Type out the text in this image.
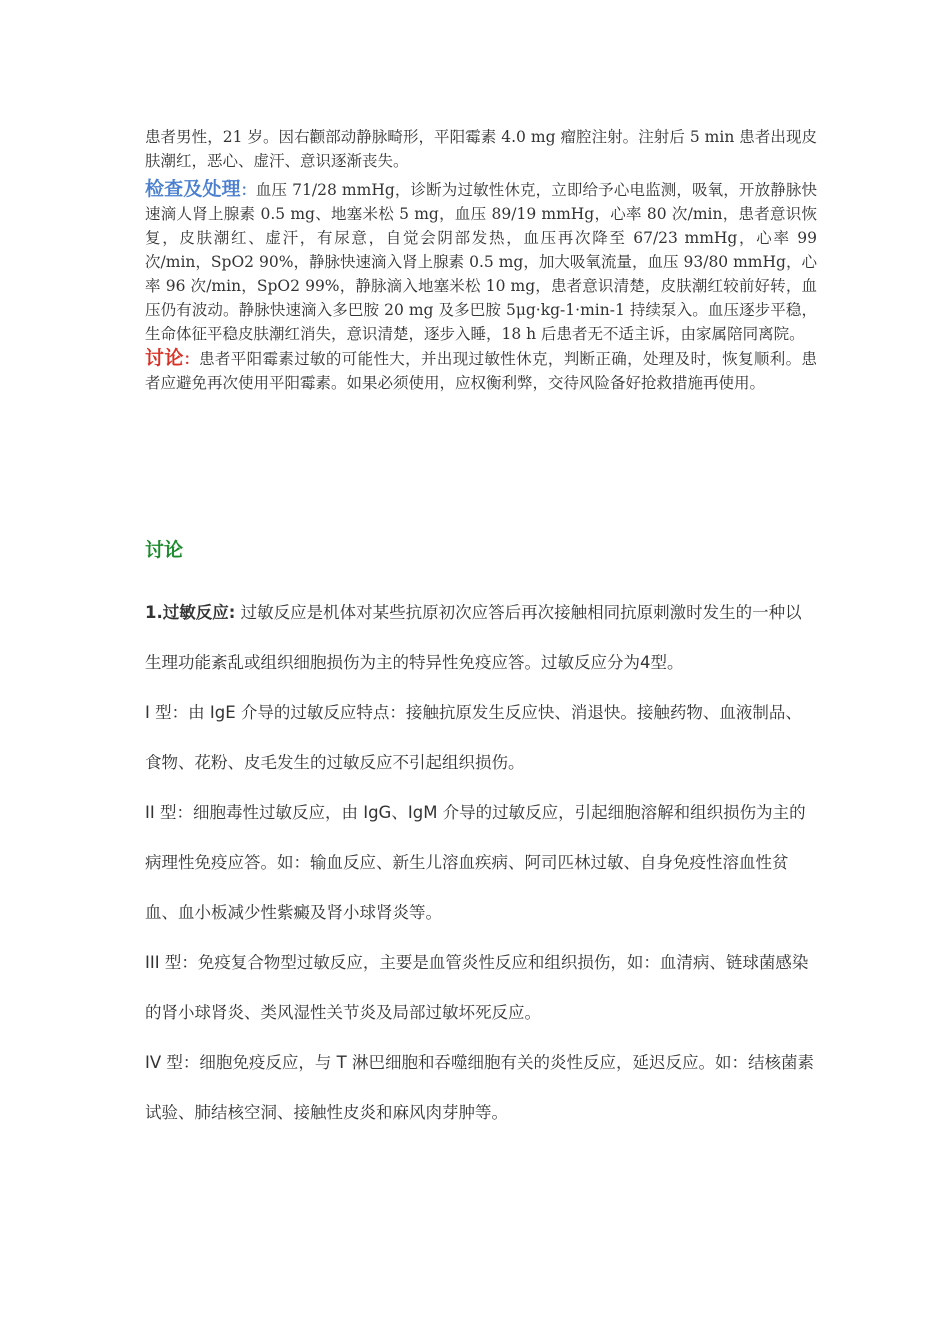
患者男性，21 岁。因右颧部动静脉畸形，平阳霉素 4.0 mg 瘤腔注射。注射后 5 min 患者出现皮肤潮红，恶心、虚汗、意识逐渐丧失。

检查及处理：血压 71/28 mmHg，诊断为过敏性休克，立即给予心电监测，吸氧，开放静脉快速滴人肾上腺素 0.5 mg、地塞米松 5 mg，血压 89/19 mmHg，心率 80 次/min，患者意识恢复，皮肤潮红、虚汗，有尿意，自觉会阴部发热，血压再次降至 67/23 mmHg，心率 99 次/min，SpO2 90%，静脉快速滴入肾上腺素 0.5 mg，加大吸氧流量，血压 93/80 mmHg，心率 96 次/min，SpO2 99%，静脉滴入地塞米松 10 mg，患者意识清楚，皮肤潮红较前好转，血压仍有波动。静脉快速滴入多巴胺 20 mg 及多巴胺 5μg·kg-1·min-1 持续泵入。血压逐步平稳，生命体征平稳皮肤潮红消失，意识清楚，逐步入睡，18 h 后患者无不适主诉，由家属陪同离院。

讨论：患者平阳霉素过敏的可能性大，并出现过敏性休克，判断正确，处理及时，恢复顺利。患者应避免再次使用平阳霉素。如果必须使用，应权衡利弊，交待风险备好抢救措施再使用。

讨论

1.过敏反应: 过敏反应是机体对某些抗原初次应答后再次接触相同抗原刺激时发生的一种以生理功能紊乱或组织细胞损伤为主的特异性免疫应答。过敏反应分为4型。

I 型：由 IgE 介导的过敏反应特点：接触抗原发生反应快、消退快。接触药物、血液制品、食物、花粉、皮毛发生的过敏反应不引起组织损伤。

II 型：细胞毒性过敏反应，由 IgG、IgM 介导的过敏反应，引起细胞溶解和组织损伤为主的病理性免疫应答。如：输血反应、新生儿溶血疾病、阿司匹林过敏、自身免疫性溶血性贫血、血小板减少性紫癜及肾小球肾炎等。

III 型：免疫复合物型过敏反应，主要是血管炎性反应和组织损伤，如：血清病、链球菌感染的肾小球肾炎、类风湿性关节炎及局部过敏坏死反应。

IV 型：细胞免疫反应，与 T 淋巴细胞和吞噬细胞有关的炎性反应，延迟反应。如：结核菌素试验、肺结核空洞、接触性皮炎和麻风肉芽肿等。
